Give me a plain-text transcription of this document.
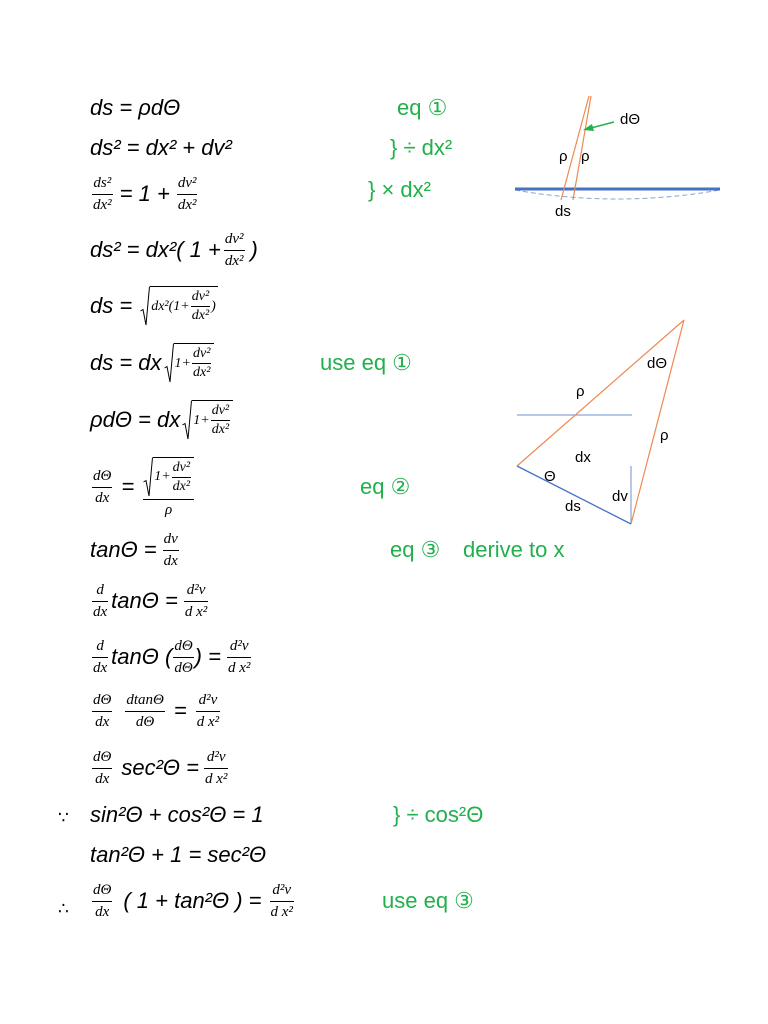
ds = ρdΘ
ds² = dx² + dv²
$\frac{\text{ds²}}{\text{dx²}} = 1 + \frac{\text{dv²}}{\text{dx²}}$
ds² = dx²( $1 + \frac{\text{dv²}}{\text{dx²}}$ )
ds = $dx^2(1+ \frac{\text{dv²}}{\text{dx²}}$ )
ds = dx $1+ \frac{\text{dv²}}{\text{dx²}}$
ρdΘ = dx $1+ \frac{\text{dv²}}{\text{dx²}}$
$\frac{d\Theta}{dx} = 1+ \frac{\text{dv²}}{\text{dx²}}$
ρ
$\tan\Theta = \frac{dv}{dx}$
$\frac{d}{dx}$ $\tan\Theta = \frac{\text{d²v}}{\text{d x²}}$
$\frac{d}{dx}$ tanΘ ( $\frac{d\Theta}{d\Theta}$ ) = $\frac{\text{d²v}}{\text{d x²}}$
$\frac{d\Theta}{dx} \frac{dtan\Theta}{d\Theta} = \frac{\text{d²v}}{\text{d x²}}$
$\frac{d\Theta}{dx} \sec^2\Theta = \frac{\text{d²v}}{\text{d x²}}$
∵ sin²Θ + cos²Θ = 1
tan²Θ + 1 = sec²Θ
∴ $\frac{d\Theta}{dx}$ ( 1 + tan²Θ ) = $\frac{\text{d²v}}{\text{d x²}}$
eq ①
} ÷ dx²
} × dx²
use eq ①
eq ②
eq ③ derive to x
} ÷ cos²Θ
use eq ③
dΘ
ρ ρ
ds
dΘ
ρ
ρ
dx
Θ
dv
ds
